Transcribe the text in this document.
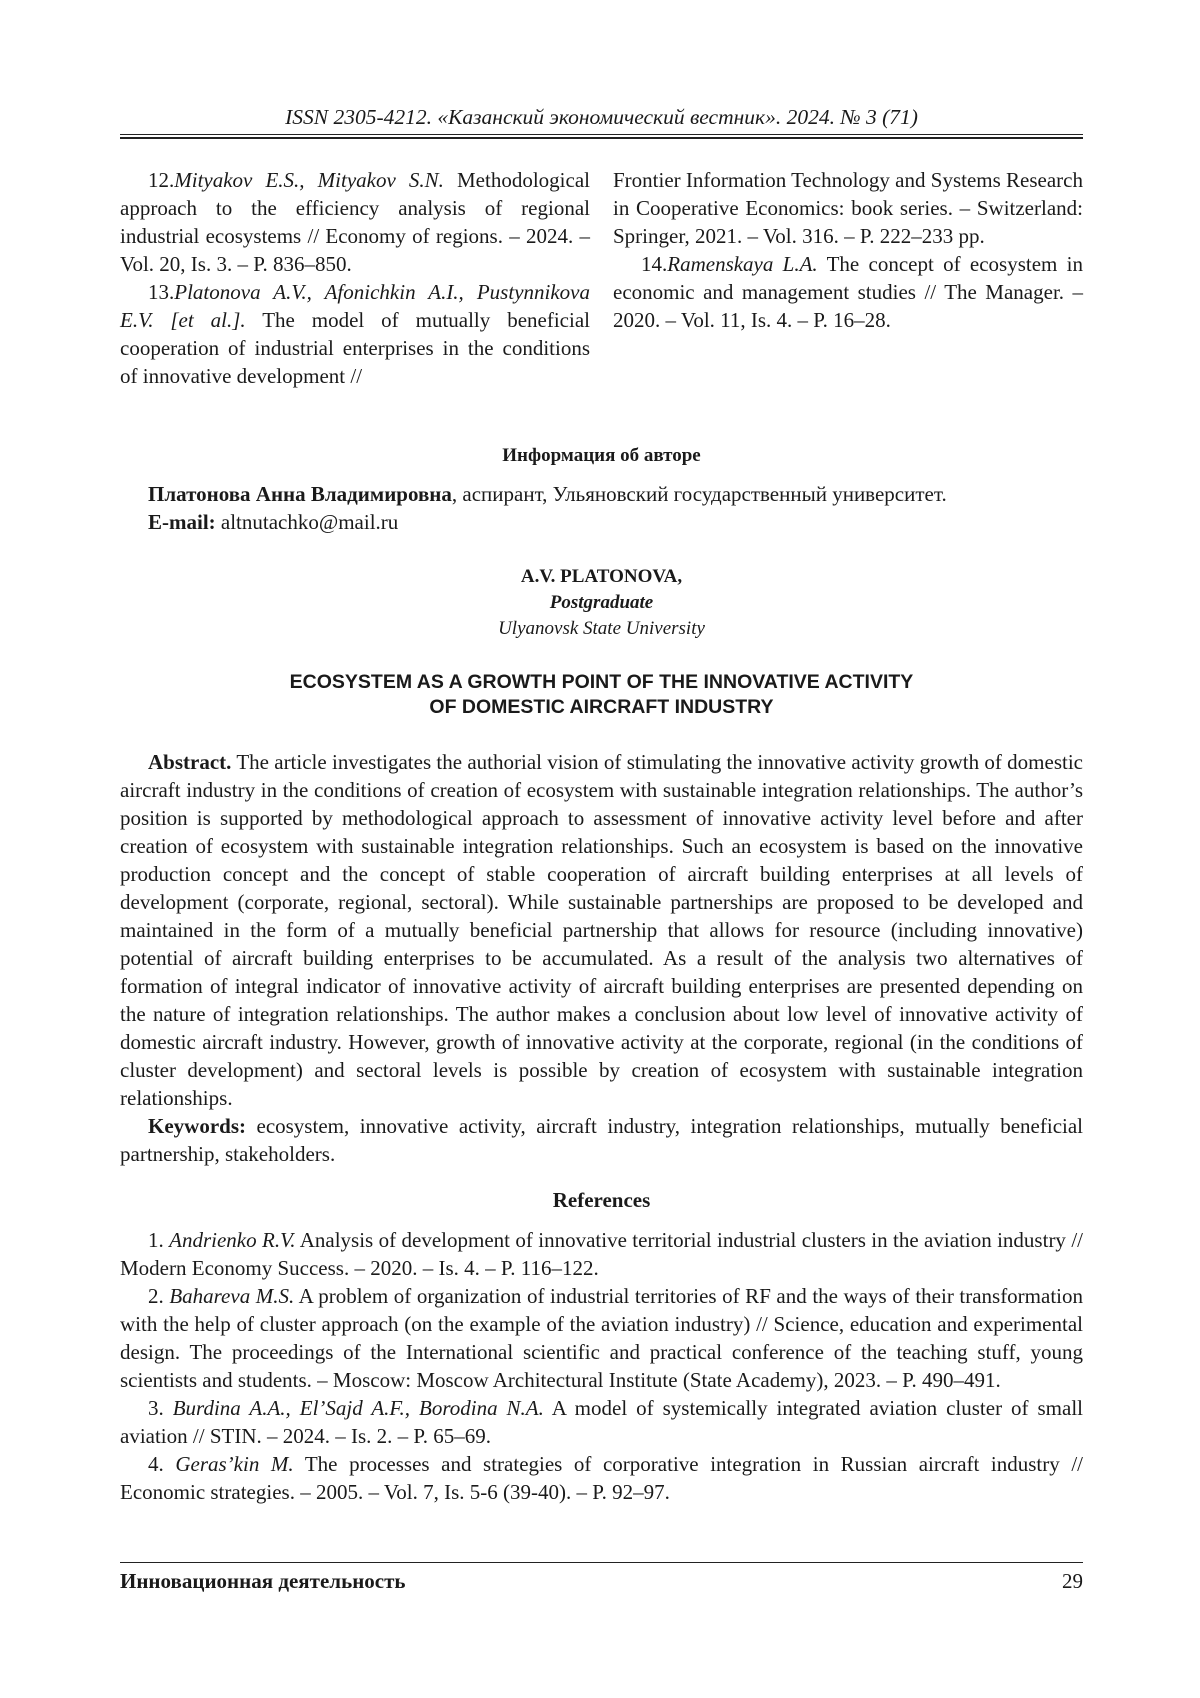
ISSN 2305-4212. «Казанский экономический вестник». 2024. № 3 (71)

12.Mityakov E.S., Mityakov S.N. Methodological approach to the efficiency analysis of regional industrial ecosystems // Economy of regions. – 2024. – Vol. 20, Is. 3. – P. 836–850.

13.Platonova A.V., Afonichkin A.I., Pustynnikova E.V. [et al.]. The model of mutually beneficial cooperation of industrial enterprises in the conditions of innovative development //

Frontier Information Technology and Systems Research in Cooperative Economics: book series. – Switzerland: Springer, 2021. – Vol. 316. – P. 222–233 pp.

14.Ramenskaya L.A. The concept of ecosystem in economic and management studies // The Manager. – 2020. – Vol. 11, Is. 4. – P. 16–28.

Информация об авторе
Платонова Анна Владимировна, аспирант, Ульяновский государственный университет.
E-mail: altnutachko@mail.ru
A.V. PLATONOVA,
Postgraduate
Ulyanovsk State University
ECOSYSTEM AS A GROWTH POINT OF THE INNOVATIVE ACTIVITY
OF DOMESTIC AIRCRAFT INDUSTRY

Abstract. The article investigates the authorial vision of stimulating the innovative activity growth of domestic aircraft industry in the conditions of creation of ecosystem with sustainable integration relationships. The author’s position is supported by methodological approach to assessment of innovative activity level before and after creation of ecosystem with sustainable integration relationships. Such an ecosystem is based on the innovative production concept and the concept of stable cooperation of aircraft building enterprises at all levels of development (corporate, regional, sectoral). While sustainable partnerships are proposed to be developed and maintained in the form of a mutually beneficial partnership that allows for resource (including innovative) potential of aircraft building enterprises to be accumulated. As a result of the analysis two alternatives of formation of integral indicator of innovative activity of aircraft building enterprises are presented depending on the nature of integration relationships. The author makes a conclusion about low level of innovative activity of domestic aircraft industry. However, growth of innovative activity at the corporate, regional (in the conditions of cluster development) and sectoral levels is possible by creation of ecosystem with sustainable integration relationships.

Keywords: ecosystem, innovative activity, aircraft industry, integration relationships, mutually beneficial partnership, stakeholders.

References

1. Andrienko R.V. Analysis of development of innovative territorial industrial clusters in the aviation industry // Modern Economy Success. – 2020. – Is. 4. – P. 116–122.

2. Bahareva M.S. A problem of organization of industrial territories of RF and the ways of their transformation with the help of cluster approach (on the example of the aviation industry) // Science, education and experimental design. The proceedings of the International scientific and practical conference of the teaching stuff, young scientists and students. – Moscow: Moscow Architectural Institute (State Academy), 2023. – P. 490–491.

3. Burdina A.A., El’Sajd A.F., Borodina N.A. A model of systemically integrated aviation cluster of small aviation // STIN. – 2024. – Is. 2. – P. 65–69.

4. Geras’kin M. The processes and strategies of corporative integration in Russian aircraft industry // Economic strategies. – 2005. – Vol. 7, Is. 5-6 (39-40). – P. 92–97.

Инновационная деятельность	29
